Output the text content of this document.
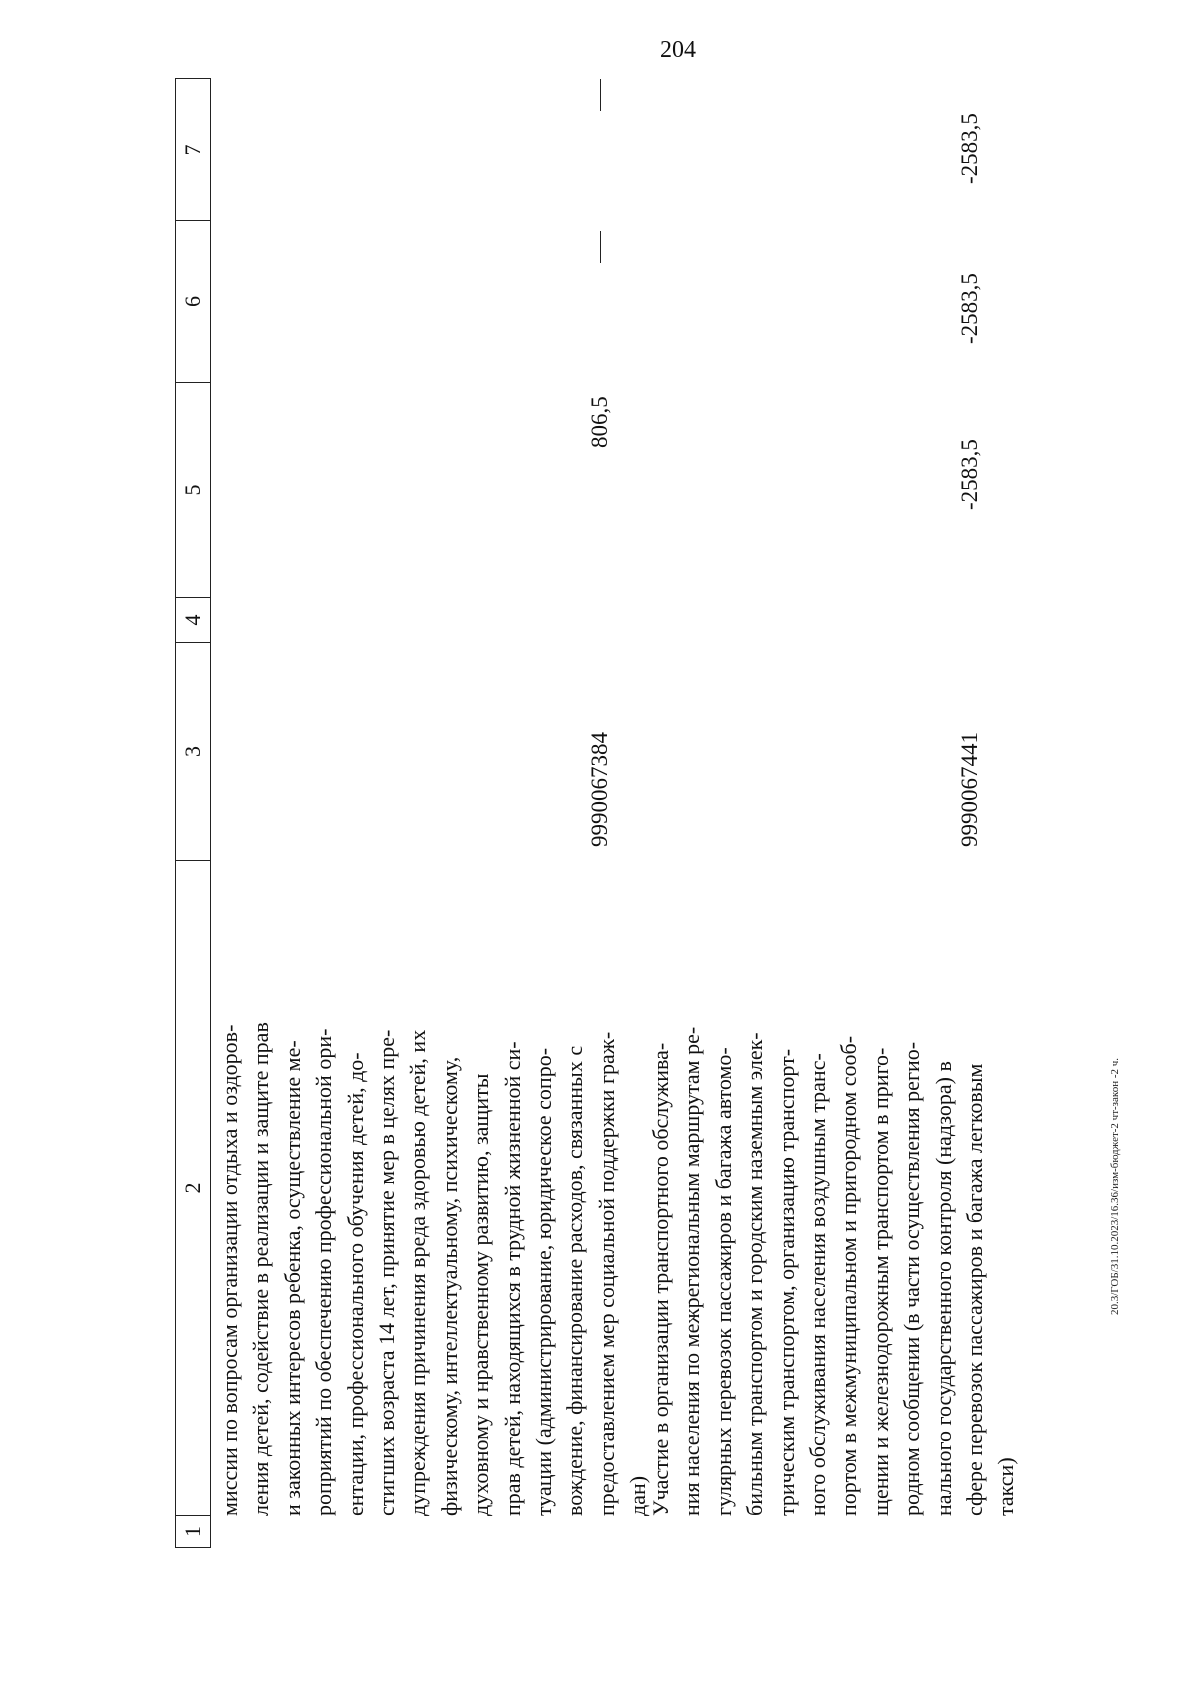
204
1
2
3
4
5
6
7
миссии по вопросам организации отдыха и оздоров- ления детей, содействие в реализации и защите прав и законных интересов ребенка, осуществление ме- роприятий по обеспечению профессиональной ори- ентации, профессионального обучения детей, до- стигших возраста 14 лет, принятие мер в целях пре- дупреждения причинения вреда здоровью детей, их физическому, интеллектуальному, психическому, духовному и нравственному развитию, защиты прав детей, находящихся в трудной жизненной си- туации (администрирование, юридическое сопро- вождение, финансирование расходов, связанных с предоставлением мер социальной поддержки граж- дан)
9990067384
806,5
Участие в организации транспортного обслужива- ния населения по межрегиональным маршрутам ре- гулярных перевозок пассажиров и багажа автомо- бильным транспортом и городским наземным элек- трическим транспортом, организацию транспорт- ного обслуживания населения воздушным транс- портом в межмуниципальном и пригородном сооб- щении и железнодорожным транспортом в приго- родном сообщении (в части осуществления регио- нального государственного контроля (надзора) в сфере перевозок пассажиров и багажа легковым такси)
9990067441
-2583,5
-2583,5
-2583,5
20.3/ГОБ/31.10.2023/16.36/изм-бюджет-2 чт-закон -2 ч.
